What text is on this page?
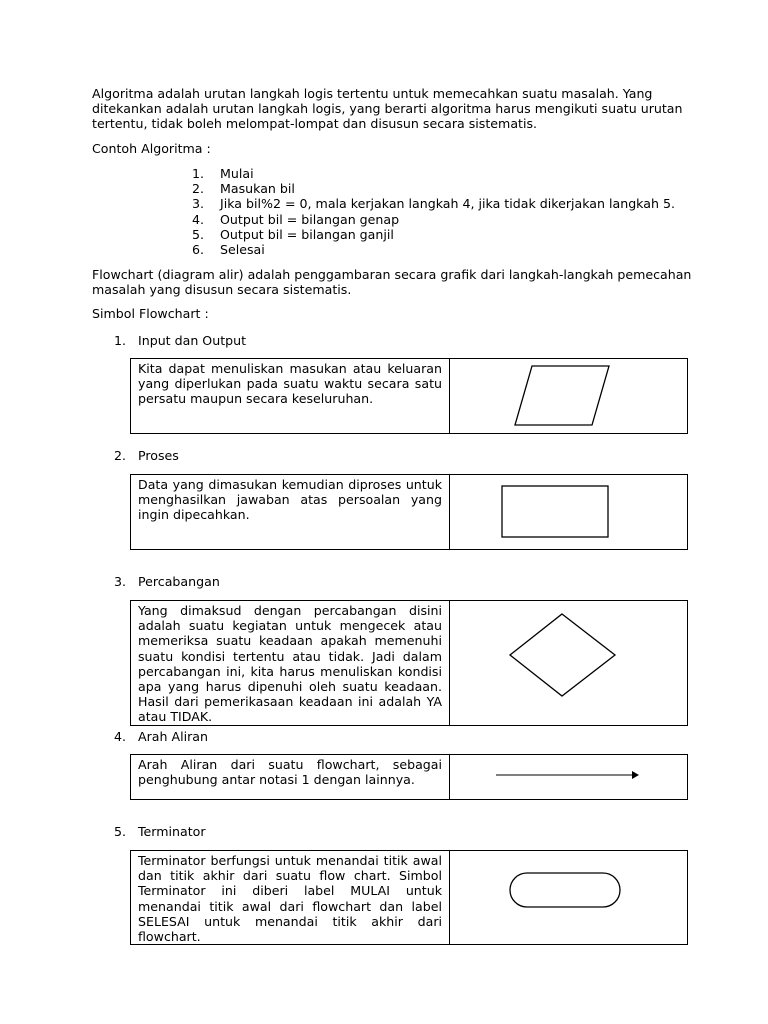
Algoritma adalah urutan langkah logis tertentu untuk memecahkan suatu masalah. Yang ditekankan adalah urutan langkah logis, yang berarti algoritma harus mengikuti suatu urutan tertentu, tidak boleh melompat-lompat dan disusun secara sistematis.

Contoh Algoritma :

1.	Mulai
2.	Masukan bil
3.	Jika bil%2 = 0, mala kerjakan langkah 4, jika tidak dikerjakan langkah 5.
4.	Output bil = bilangan genap
5.	Output bil = bilangan ganjil
6.	Selesai

Flowchart (diagram alir) adalah penggambaran secara grafik dari langkah-langkah pemecahan masalah yang disusun secara sistematis.

Simbol Flowchart :

1. Input dan Output
Kita dapat menuliskan masukan atau keluaran yang diperlukan pada suatu waktu secara satu persatu maupun secara keseluruhan.

2. Proses
Data yang dimasukan kemudian diproses untuk menghasilkan jawaban atas persoalan yang ingin dipecahkan.

3. Percabangan
Yang dimaksud dengan percabangan disini adalah suatu kegiatan untuk mengecek atau memeriksa suatu keadaan apakah memenuhi suatu kondisi tertentu atau tidak. Jadi dalam percabangan ini, kita harus menuliskan kondisi apa yang harus dipenuhi oleh suatu keadaan. Hasil dari pemerikasaan keadaan ini adalah YA atau TIDAK.

4. Arah Aliran
Arah Aliran dari suatu flowchart, sebagai penghubung antar notasi 1 dengan lainnya.

5. Terminator
Terminator berfungsi untuk menandai titik awal dan titik akhir dari suatu flow chart. Simbol Terminator ini diberi label MULAI untuk menandai titik awal dari flowchart dan label SELESAI untuk menandai titik akhir dari flowchart.
